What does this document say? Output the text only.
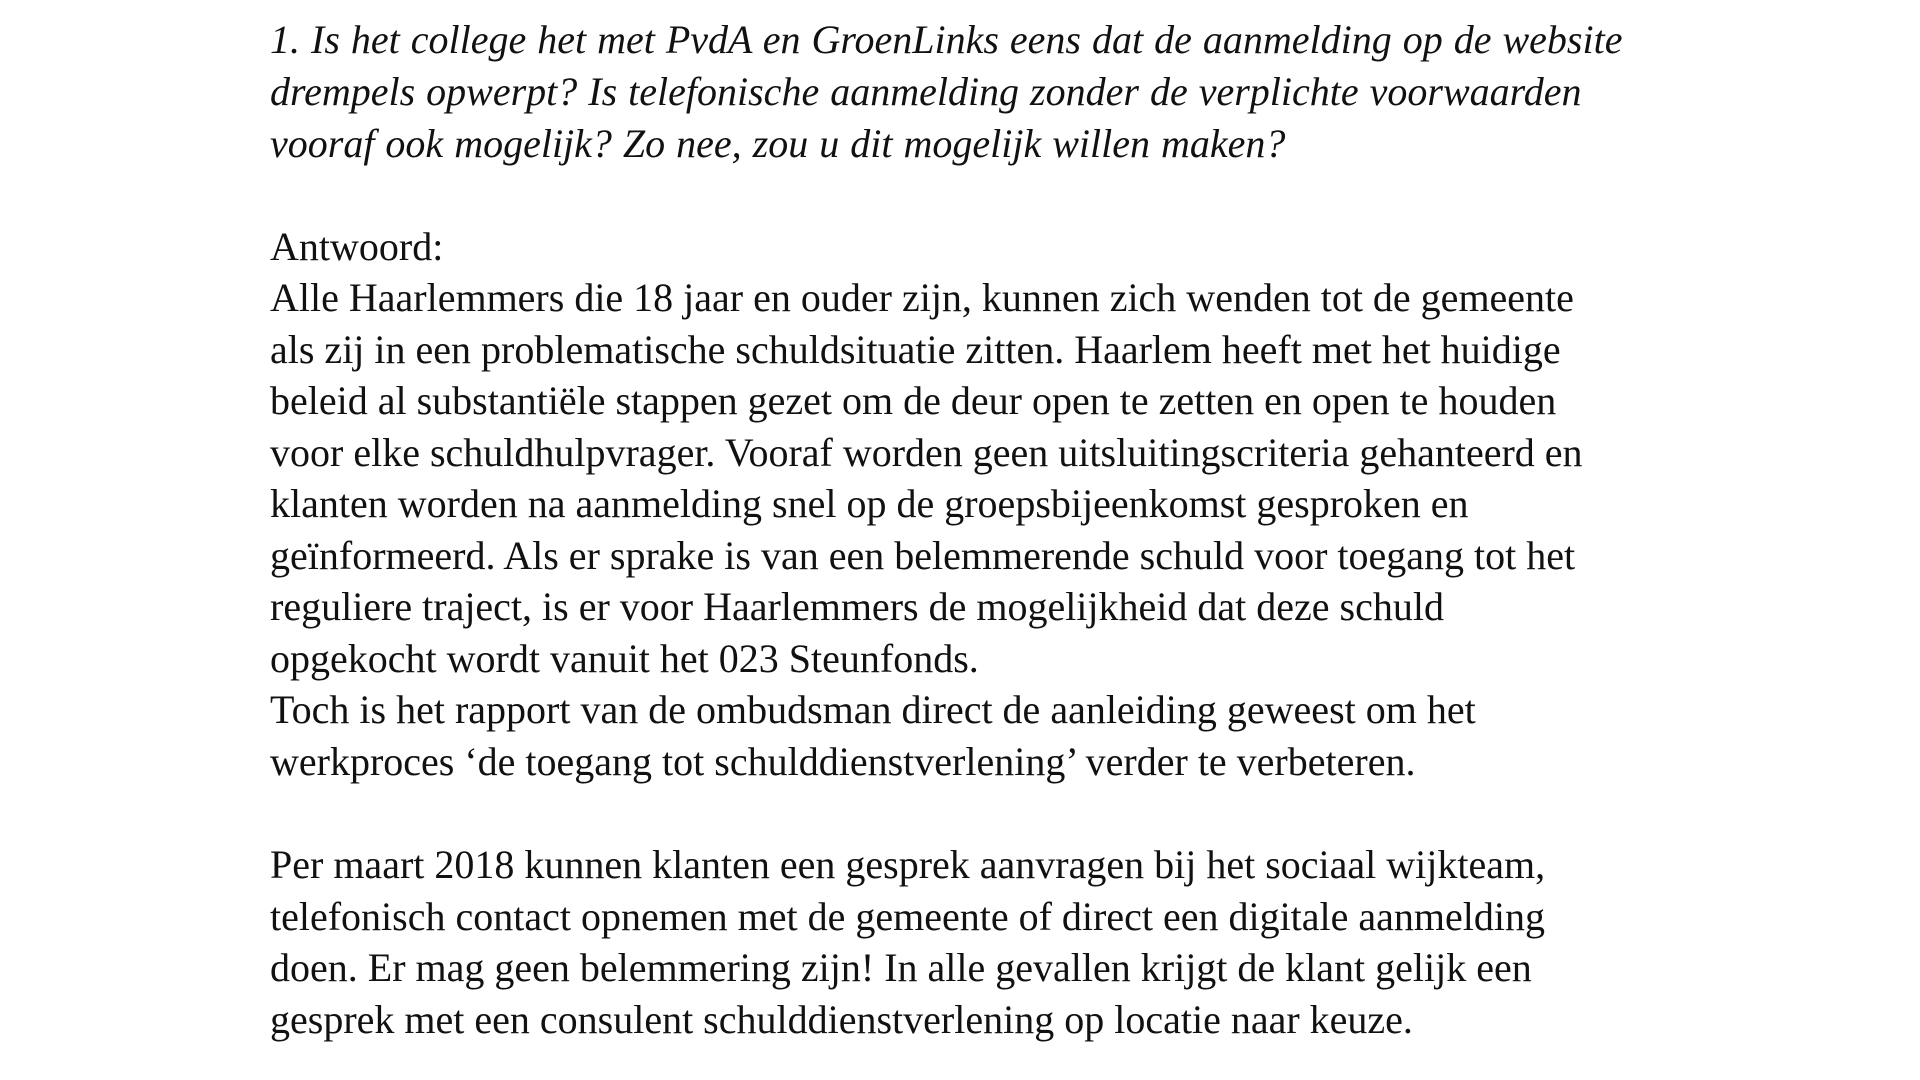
1. Is het college het met PvdA en GroenLinks eens dat de aanmelding op de website
drempels opwerpt? Is telefonische aanmelding zonder de verplichte voorwaarden
vooraf ook mogelijk? Zo nee, zou u dit mogelijk willen maken?

Antwoord:

Alle Haarlemmers die 18 jaar en ouder zijn, kunnen zich wenden tot de gemeente
als zij in een problematische schuldsituatie zitten. Haarlem heeft met het huidige
beleid al substantiële stappen gezet om de deur open te zetten en open te houden
voor elke schuldhulpvrager. Vooraf worden geen uitsluitingscriteria gehanteerd en
klanten worden na aanmelding snel op de groepsbijeenkomst gesproken en
geïnformeerd. Als er sprake is van een belemmerende schuld voor toegang tot het
reguliere traject, is er voor Haarlemmers de mogelijkheid dat deze schuld
opgekocht wordt vanuit het 023 Steunfonds.

Toch is het rapport van de ombudsman direct de aanleiding geweest om het
werkproces ‘de toegang tot schulddienstverlening’ verder te verbeteren.

Per maart 2018 kunnen klanten een gesprek aanvragen bij het sociaal wijkteam,
telefonisch contact opnemen met de gemeente of direct een digitale aanmelding
doen. Er mag geen belemmering zijn! In alle gevallen krijgt de klant gelijk een
gesprek met een consulent schulddienstverlening op locatie naar keuze.
